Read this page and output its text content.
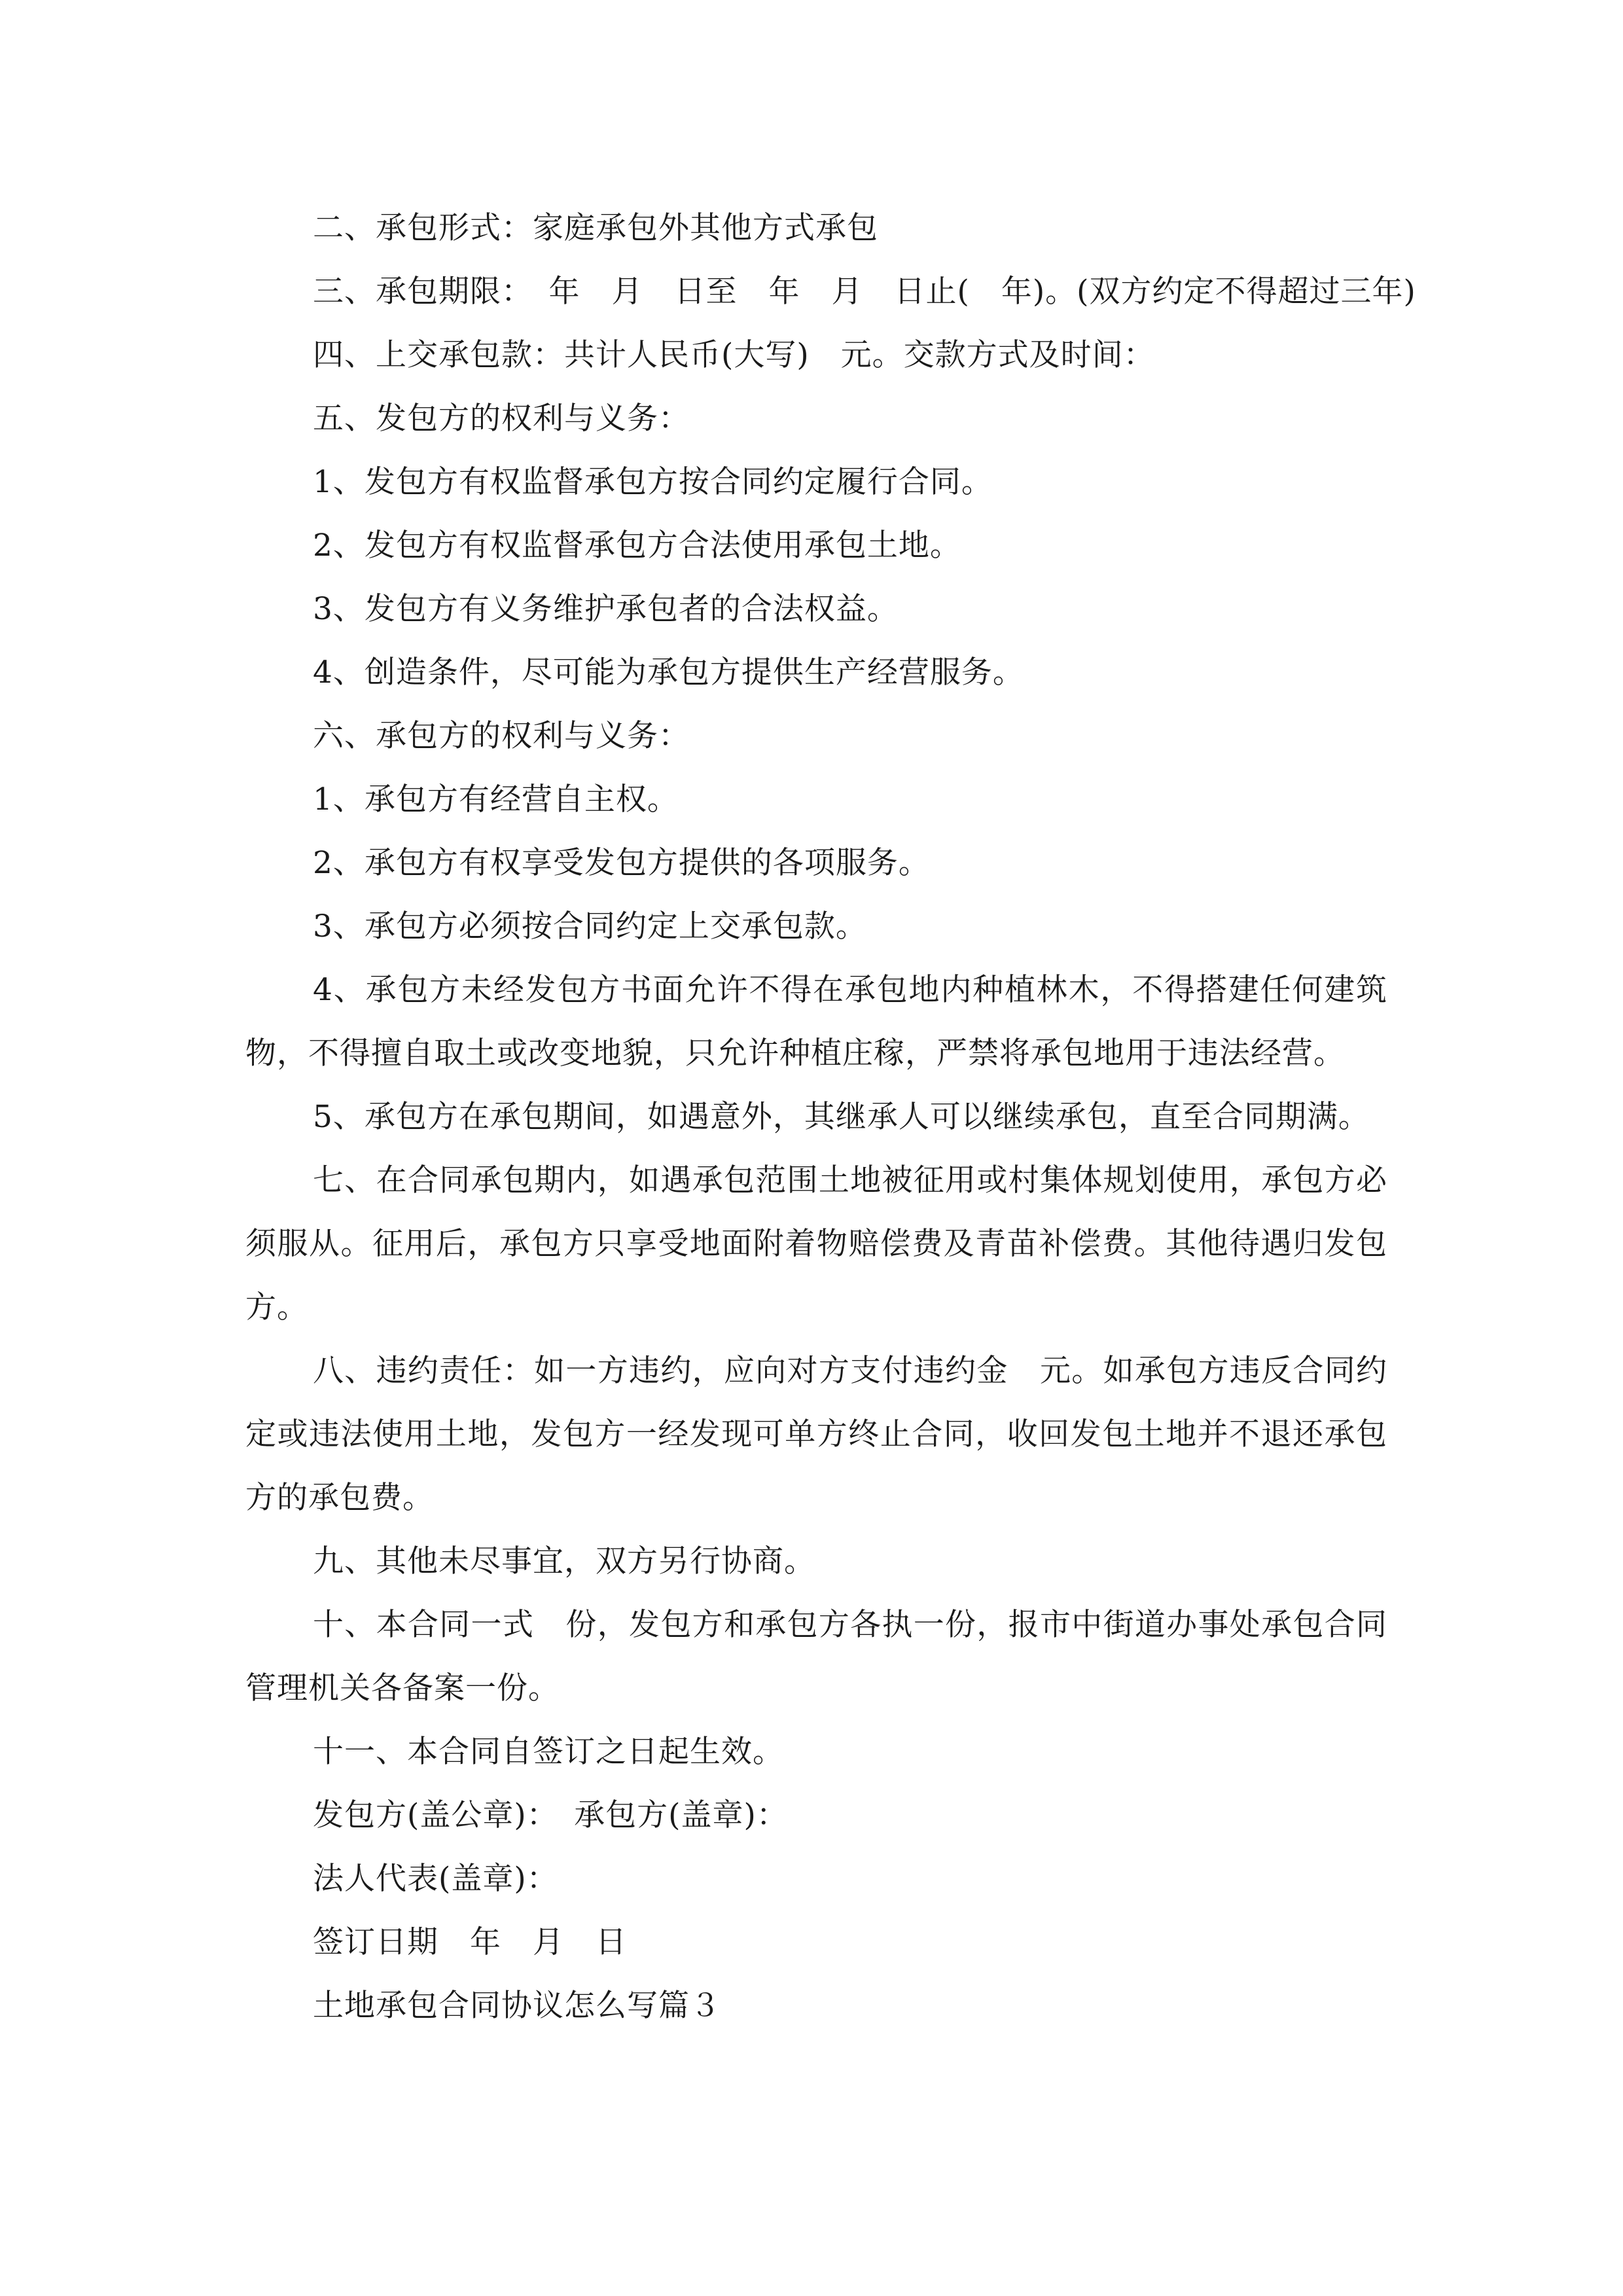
二、承包形式：家庭承包外其他方式承包
三、承包期限：　年　月　日至　年　月　日止(　年)。(双方约定不得超过三年)
四、上交承包款：共计人民币(大写)　元。交款方式及时间：
五、发包方的权利与义务：
1、发包方有权监督承包方按合同约定履行合同。
2、发包方有权监督承包方合法使用承包土地。
3、发包方有义务维护承包者的合法权益。
4、创造条件，尽可能为承包方提供生产经营服务。
六、承包方的权利与义务：
1、承包方有经营自主权。
2、承包方有权享受发包方提供的各项服务。
3、承包方必须按合同约定上交承包款。
4、承包方未经发包方书面允许不得在承包地内种植林木，不得搭建任何建筑物，不得擅自取土或改变地貌，只允许种植庄稼，严禁将承包地用于违法经营。
5、承包方在承包期间，如遇意外，其继承人可以继续承包，直至合同期满。
七、在合同承包期内，如遇承包范围土地被征用或村集体规划使用，承包方必须服从。征用后，承包方只享受地面附着物赔偿费及青苗补偿费。其他待遇归发包方。
八、违约责任：如一方违约，应向对方支付违约金　元。如承包方违反合同约定或违法使用土地，发包方一经发现可单方终止合同，收回发包土地并不退还承包方的承包费。
九、其他未尽事宜，双方另行协商。
十、本合同一式　份，发包方和承包方各执一份，报市中街道办事处承包合同管理机关各备案一份。
十一、本合同自签订之日起生效。
发包方(盖公章)：　承包方(盖章)：
法人代表(盖章)：
签订日期　年　月　日
土地承包合同协议怎么写篇３
